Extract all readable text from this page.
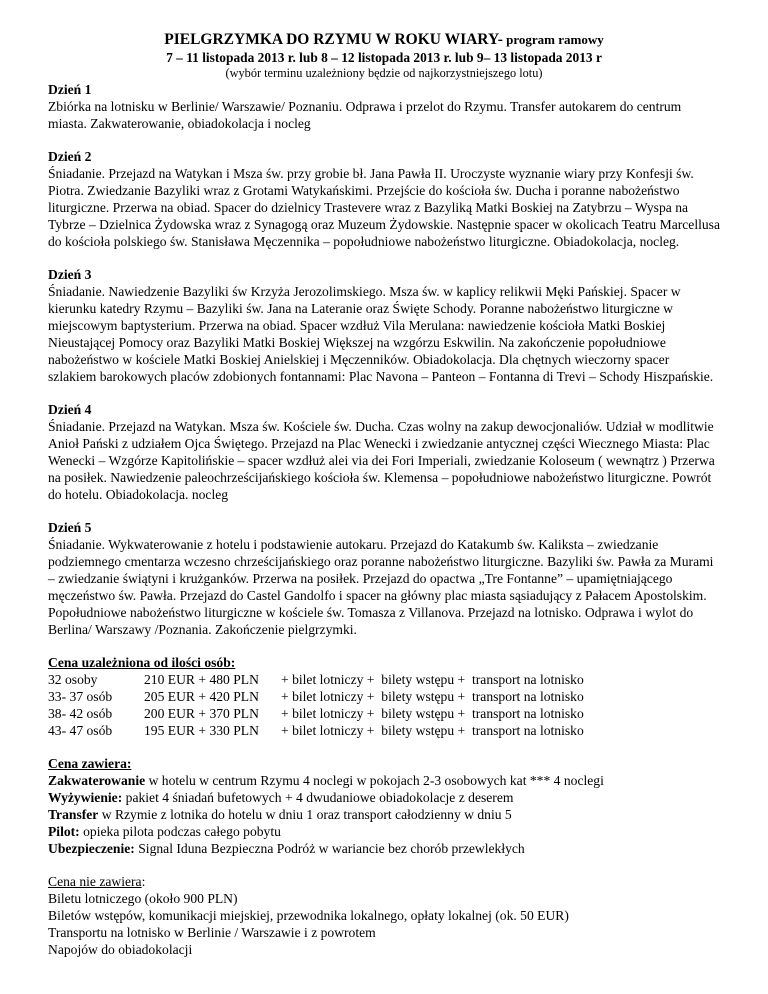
PIELGRZYMKA DO RZYMU W ROKU WIARY- program ramowy
7 – 11 listopada 2013 r. lub 8 – 12 listopada 2013 r. lub 9– 13 listopada 2013 r
(wybór terminu uzależniony będzie od najkorzystniejszego lotu)
Dzień 1

Zbiórka na lotnisku w Berlinie/ Warszawie/ Poznaniu. Odprawa i przelot do Rzymu. Transfer autokarem do centrum miasta. Zakwaterowanie, obiadokolacja i nocleg

Dzień 2

Śniadanie. Przejazd na Watykan i Msza św. przy grobie bł. Jana Pawła II. Uroczyste wyznanie wiary przy Konfesji św. Piotra. Zwiedzanie Bazyliki wraz z Grotami Watykańskimi. Przejście do kościoła św. Ducha i poranne nabożeństwo liturgiczne. Przerwa na obiad. Spacer do dzielnicy Trastevere wraz z Bazyliką Matki Boskiej na Zatybrzu – Wyspa na Tybrze – Dzielnica Żydowska wraz z Synagogą oraz Muzeum Żydowskie. Następnie spacer w okolicach Teatru Marcellusa do kościoła polskiego św. Stanisława Męczennika – popołudniowe nabożeństwo liturgiczne. Obiadokolacja, nocleg.

Dzień 3

Śniadanie. Nawiedzenie Bazyliki św Krzyża Jerozolimskiego. Msza św. w kaplicy relikwii Męki Pańskiej. Spacer w kierunku katedry Rzymu – Bazyliki św. Jana na Lateranie oraz Święte Schody. Poranne nabożeństwo liturgiczne w miejscowym baptysterium. Przerwa na obiad. Spacer wzdłuż Vila Merulana: nawiedzenie kościoła Matki Boskiej Nieustającej Pomocy oraz Bazyliki Matki Boskiej Większej na wzgórzu Eskwilin. Na zakończenie popołudniowe nabożeństwo w kościele Matki Boskiej Anielskiej i Męczenników. Obiadokolacja. Dla chętnych wieczorny spacer szlakiem barokowych placów zdobionych fontannami: Plac Navona – Panteon – Fontanna di Trevi – Schody Hiszpańskie.

Dzień 4

Śniadanie. Przejazd na Watykan. Msza św. Kościele św. Ducha. Czas wolny na zakup dewocjonaliów. Udział w modlitwie Anioł Pański z udziałem Ojca Świętego. Przejazd na Plac Wenecki i zwiedzanie antycznej części Wiecznego Miasta: Plac Wenecki – Wzgórze Kapitolińskie – spacer wzdłuż alei via dei Fori Imperiali, zwiedzanie Koloseum ( wewnątrz ) Przerwa na posiłek. Nawiedzenie paleochrześcijańskiego kościoła św. Klemensa – popołudniowe nabożeństwo liturgiczne. Powrót do hotelu. Obiadokolacja. nocleg

Dzień 5

Śniadanie. Wykwaterowanie z hotelu i podstawienie autokaru. Przejazd do Katakumb św. Kaliksta – zwiedzanie podziemnego cmentarza wczesno chrześcijańskiego oraz poranne nabożeństwo liturgiczne. Bazyliki św. Pawła za Murami – zwiedzanie świątyni i krużganków. Przerwa na posiłek. Przejazd do opactwa „Tre Fontanne” – upamiętniającego męczeństwo św. Pawła. Przejazd do Castel Gandolfo i spacer na główny plac miasta sąsiadujący z Pałacem Apostolskim. Popołudniowe nabożeństwo liturgiczne w kościele św. Tomasza z Villanova. Przejazd na lotnisko. Odprawa i wylot do Berlina/ Warszawy /Poznania. Zakończenie pielgrzymki.

Cena uzależniona od ilości osób:
32 osoby	210 EUR + 480 PLN	+ bilet lotniczy +  bilety wstępu +  transport na lotnisko
33- 37 osób	205 EUR + 420 PLN	+ bilet lotniczy +  bilety wstępu +  transport na lotnisko
38- 42 osób	200 EUR + 370 PLN	+ bilet lotniczy +  bilety wstępu +  transport na lotnisko
43- 47 osób	195 EUR + 330 PLN	+ bilet lotniczy +  bilety wstępu +  transport na lotnisko
Cena zawiera:

Zakwaterowanie w hotelu w centrum Rzymu 4 noclegi w pokojach 2-3 osobowych kat *** 4 noclegi

Wyżywienie: pakiet 4 śniadań bufetowych + 4 dwudaniowe obiadokolacje z deserem

Transfer w Rzymie z lotnika do hotelu w dniu 1 oraz transport całodzienny w dniu 5

Pilot: opieka pilota podczas całego pobytu

Ubezpieczenie: Signal Iduna Bezpieczna Podróż w wariancie bez chorób przewlekłych

Cena nie zawiera:

Biletu lotniczego (około 900 PLN)

Biletów wstępów, komunikacji miejskiej, przewodnika lokalnego, opłaty lokalnej (ok. 50 EUR)

Transportu na lotnisko w Berlinie / Warszawie i z powrotem

Napojów do obiadokolacji
